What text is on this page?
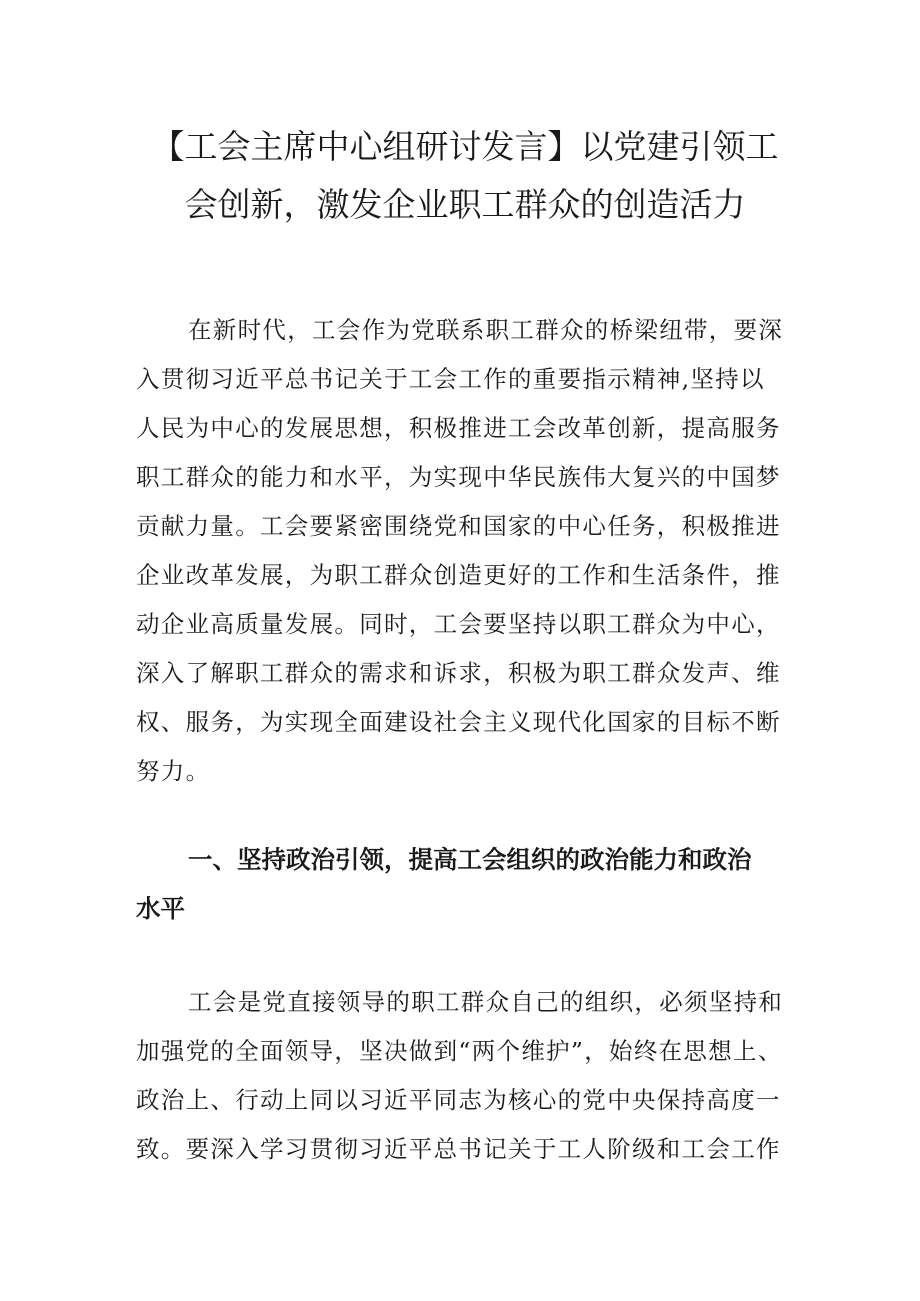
【工会主席中心组研讨发言】以党建引领工
会创新，激发企业职工群众的创造活力
在新时代，工会作为党联系职工群众的桥梁纽带，要深
入贯彻习近平总书记关于工会工作的重要指示精神,坚持以
人民为中心的发展思想，积极推进工会改革创新，提高服务
职工群众的能力和水平，为实现中华民族伟大复兴的中国梦
贡献力量。工会要紧密围绕党和国家的中心任务，积极推进
企业改革发展，为职工群众创造更好的工作和生活条件，推
动企业高质量发展。同时，工会要坚持以职工群众为中心，
深入了解职工群众的需求和诉求，积极为职工群众发声、维
权、服务，为实现全面建设社会主义现代化国家的目标不断
努力。
一、坚持政治引领，提高工会组织的政治能力和政治
水平
工会是党直接领导的职工群众自己的组织，必须坚持和
加强党的全面领导，坚决做到“两个维护”，始终在思想上、
政治上、行动上同以习近平同志为核心的党中央保持高度一
致。要深入学习贯彻习近平总书记关于工人阶级和工会工作
